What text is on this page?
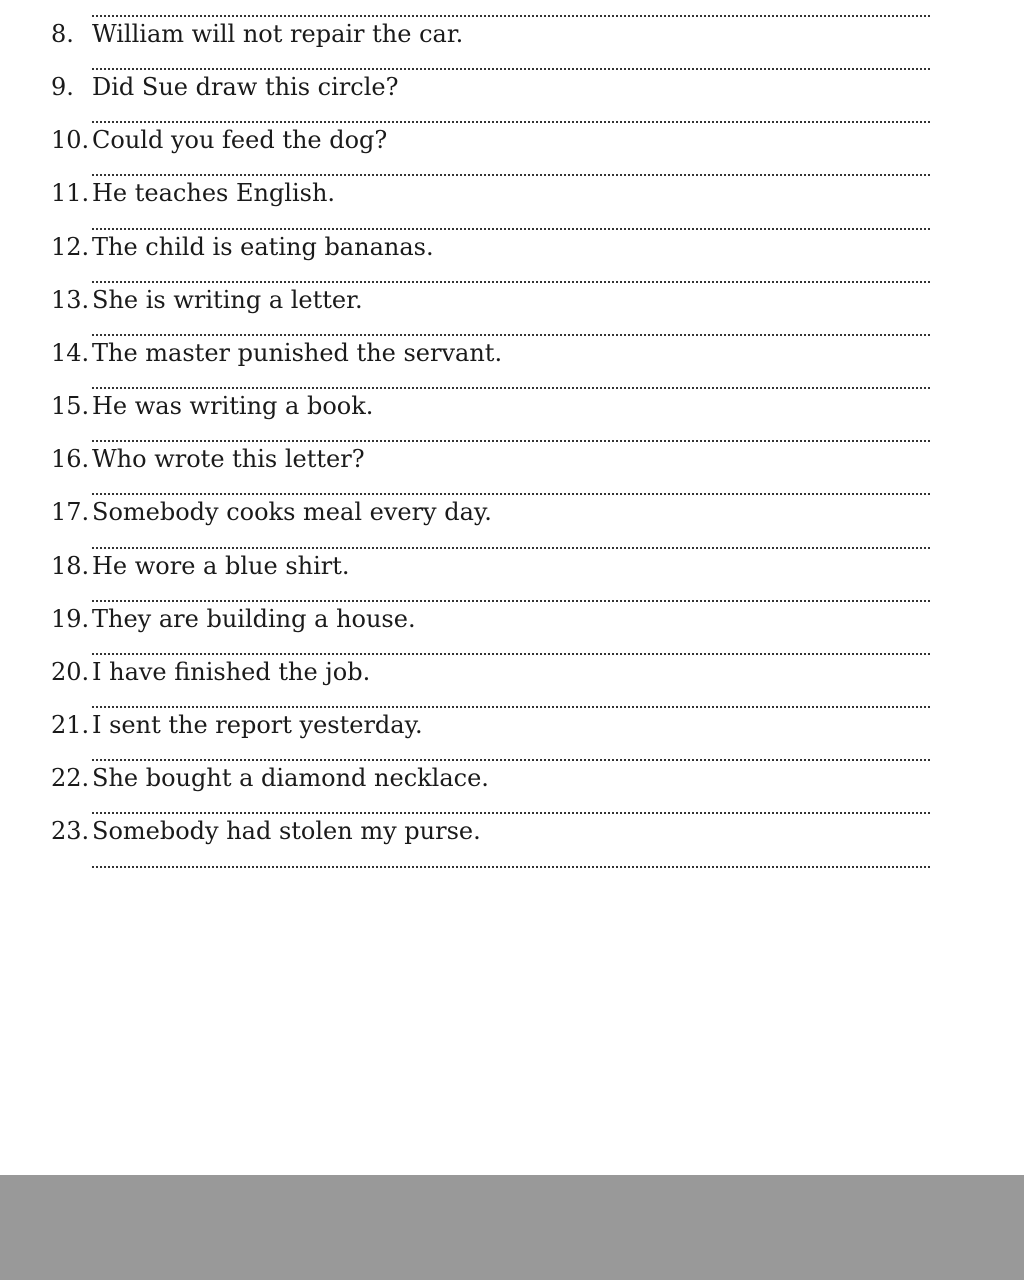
8. William will not repair the car.
9. Did Sue draw this circle?
10. Could you feed the dog?
11. He teaches English.
12. The child is eating bananas.
13. She is writing a letter.
14. The master punished the servant.
15. He was writing a book.
16. Who wrote this letter?
17. Somebody cooks meal every day.
18. He wore a blue shirt.
19. They are building a house.
20. I have finished the job.
21. I sent the report yesterday.
22. She bought a diamond necklace.
23. Somebody had stolen my purse.
